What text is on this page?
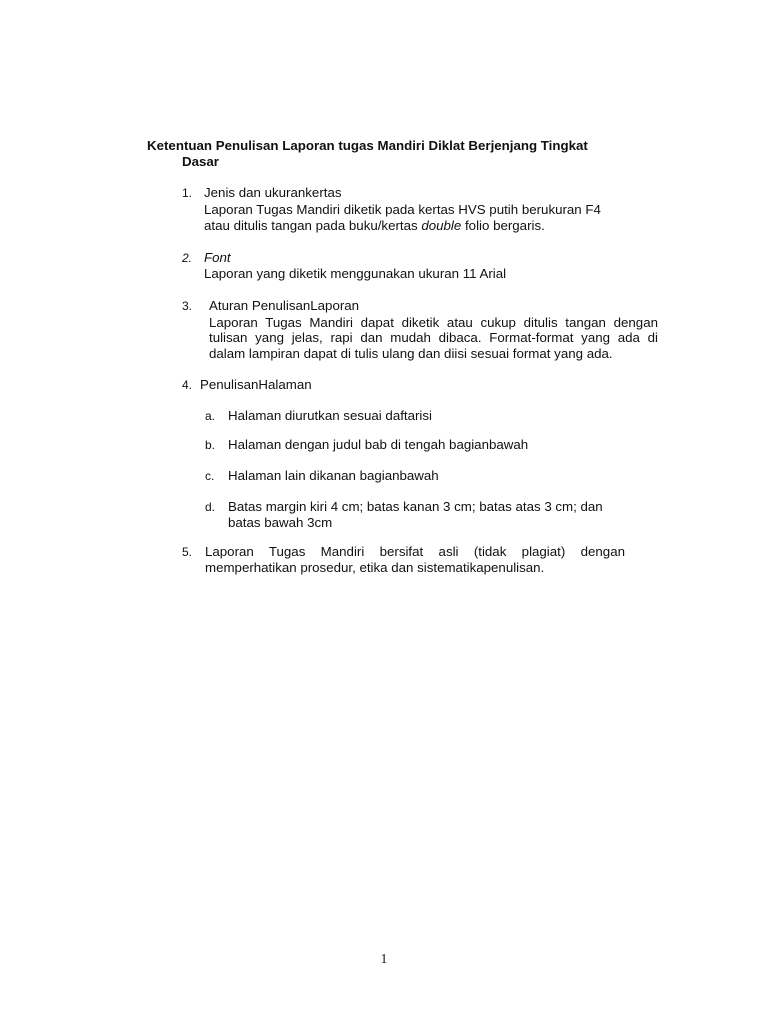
Ketentuan Penulisan Laporan tugas Mandiri Diklat Berjenjang Tingkat
Dasar
1. Jenis dan ukurankertas
Laporan Tugas Mandiri diketik pada kertas HVS putih berukuran F4
atau ditulis tangan pada buku/kertas double folio bergaris.
2. Font
Laporan yang diketik menggunakan ukuran 11 Arial
3. Aturan PenulisanLaporan
Laporan Tugas Mandiri dapat diketik atau cukup ditulis tangan dengan
tulisan yang jelas, rapi dan mudah dibaca. Format-format yang ada di
dalam lampiran dapat di tulis ulang dan diisi sesuai format yang ada.
4. PenulisanHalaman
a. Halaman diurutkan sesuai daftarisi
b. Halaman dengan judul bab di tengah bagianbawah
c. Halaman lain dikanan bagianbawah
d. Batas margin kiri 4 cm; batas kanan 3 cm; batas atas 3 cm; dan
batas bawah 3cm
5. Laporan Tugas Mandiri bersifat asli (tidak plagiat) dengan
memperhatikan prosedur, etika dan sistematikapenulisan.
1
